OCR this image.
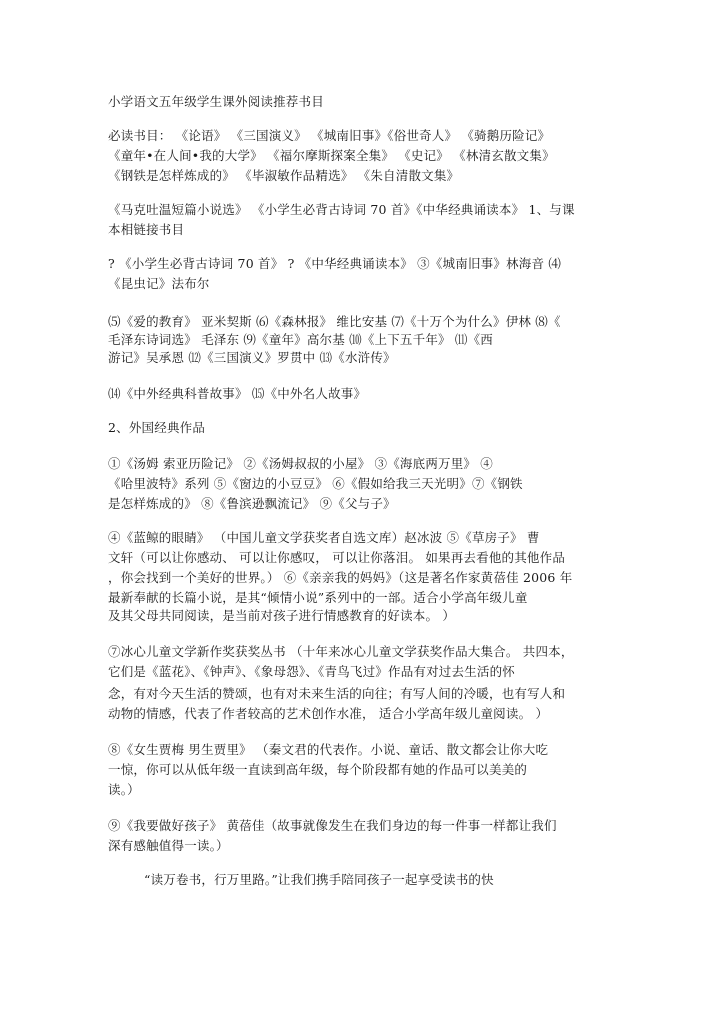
小学语文五年级学生课外阅读推荐书目
必读书目： 《论语》 《三国演义》 《城南旧事》《俗世奇人》 《骑鹅历险记》
《童年•在人间•我的大学》 《福尔摩斯探案全集》 《史记》 《林清玄散文集》
《钢铁是怎样炼成的》 《毕淑敏作品精选》 《朱自清散文集》
《马克吐温短篇小说选》 《小学生必背古诗词 70 首》《中华经典诵读本》 1、与课
本相链接书目
? 《小学生必背古诗词 70 首》 ? 《中华经典诵读本》 ③《城南旧事》林海音 ⑷
《昆虫记》法布尔
⑸《爱的教育》 亚米契斯 ⑹《森林报》 维比安基 ⑺《十万个为什么》伊林 ⑻《
毛泽东诗词选》 毛泽东 ⑼《童年》高尔基 ⑽《上下五千年》 ⑾《西
游记》吴承恩 ⑿《三国演义》罗贯中 ⒀《水浒传》
⒁《中外经典科普故事》 ⒂《中外名人故事》
2、外国经典作品
①《汤姆 索亚历险记》 ②《汤姆叔叔的小屋》 ③《海底两万里》 ④
《哈里波特》系列 ⑤《窗边的小豆豆》 ⑥《假如给我三天光明》⑦《钢铁
是怎样炼成的》 ⑧《鲁滨逊飘流记》 ⑨《父与子》
④《蓝鲸的眼睛》 （中国儿童文学获奖者自选文库）赵冰波 ⑤《草房子》 曹
文轩（可以让你感动、 可以让你感叹， 可以让你落泪。 如果再去看他的其他作品
，你会找到一个美好的世界。） ⑥《亲亲我的妈妈》（这是著名作家黄蓓佳 2006 年
最新奉献的长篇小说，是其“倾情小说”系列中的一部。适合小学高年级儿童
及其父母共同阅读，是当前对孩子进行情感教育的好读本。 ）
⑦冰心儿童文学新作奖获奖丛书 （十年来冰心儿童文学获奖作品大集合。 共四本，
它们是《蓝花》、《钟声》、《象母怨》、《青鸟飞过》作品有对过去生活的怀
念，有对今天生活的赞颂，也有对未来生活的向往；有写人间的冷暖，也有写人和
动物的情感，代表了作者较高的艺术创作水准， 适合小学高年级儿童阅读。 ）
⑧《女生贾梅 男生贾里》 （秦文君的代表作。小说、童话、散文都会让你大吃
一惊，你可以从低年级一直读到高年级，每个阶段都有她的作品可以美美的
读。）
⑨《我要做好孩子》 黄蓓佳（故事就像发生在我们身边的每一件事一样都让我们
深有感触值得一读。）
“读万卷书，行万里路。”让我们携手陪同孩子一起享受读书的快
